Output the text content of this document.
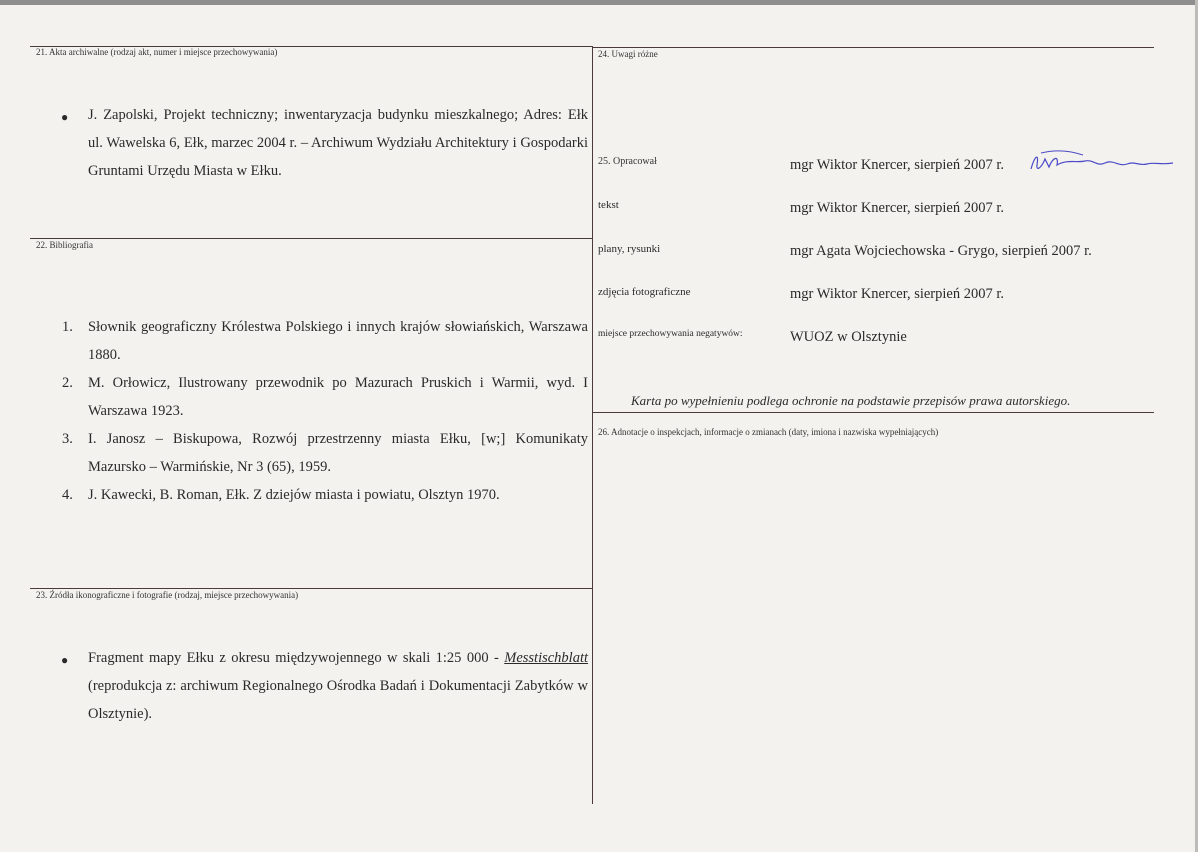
21. Akta archiwalne (rodzaj akt, numer i miejsce przechowywania)
● J. Zapolski, Projekt techniczny; inwentaryzacja budynku mieszkalnego; Adres: Ełk ul. Wawelska 6, Ełk, marzec 2004 r. – Archiwum Wydziału Architektury i Gospodarki Gruntami Urzędu Miasta w Ełku.
22. Bibliografia
1. Słownik geograficzny Królestwa Polskiego i innych krajów słowiańskich, Warszawa 1880.
2. M. Orłowicz, Ilustrowany przewodnik po Mazurach Pruskich i Warmii, wyd. I Warszawa 1923.
3. I. Janosz – Biskupowa, Rozwój przestrzenny miasta Ełku, [w;] Komunikaty Mazursko – Warmińskie, Nr 3 (65), 1959.
4. J. Kawecki, B. Roman, Ełk. Z dziejów miasta i powiatu, Olsztyn 1970.
23. Źródła ikonograficzne i fotografie (rodzaj, miejsce przechowywania)
● Fragment mapy Ełku z okresu międzywojennego w skali 1:25 000 - Messtischblatt (reprodukcja z: archiwum Regionalnego Ośrodka Badań i Dokumentacji Zabytków w Olsztynie).
24. Uwagi różne
25. Opracował	mgr Wiktor Knercer, sierpień 2007 r.
tekst	mgr Wiktor Knercer, sierpień 2007 r.
plany, rysunki	mgr Agata Wojciechowska - Grygo, sierpień 2007 r.
zdjęcia fotograficzne	mgr Wiktor Knercer, sierpień 2007 r.
miejsce przechowywania negatywów:	WUOZ w Olsztynie
Karta po wypełnieniu podlega ochronie na podstawie przepisów prawa autorskiego.
26. Adnotacje o inspekcjach, informacje o zmianach (daty, imiona i nazwiska wypełniających)
